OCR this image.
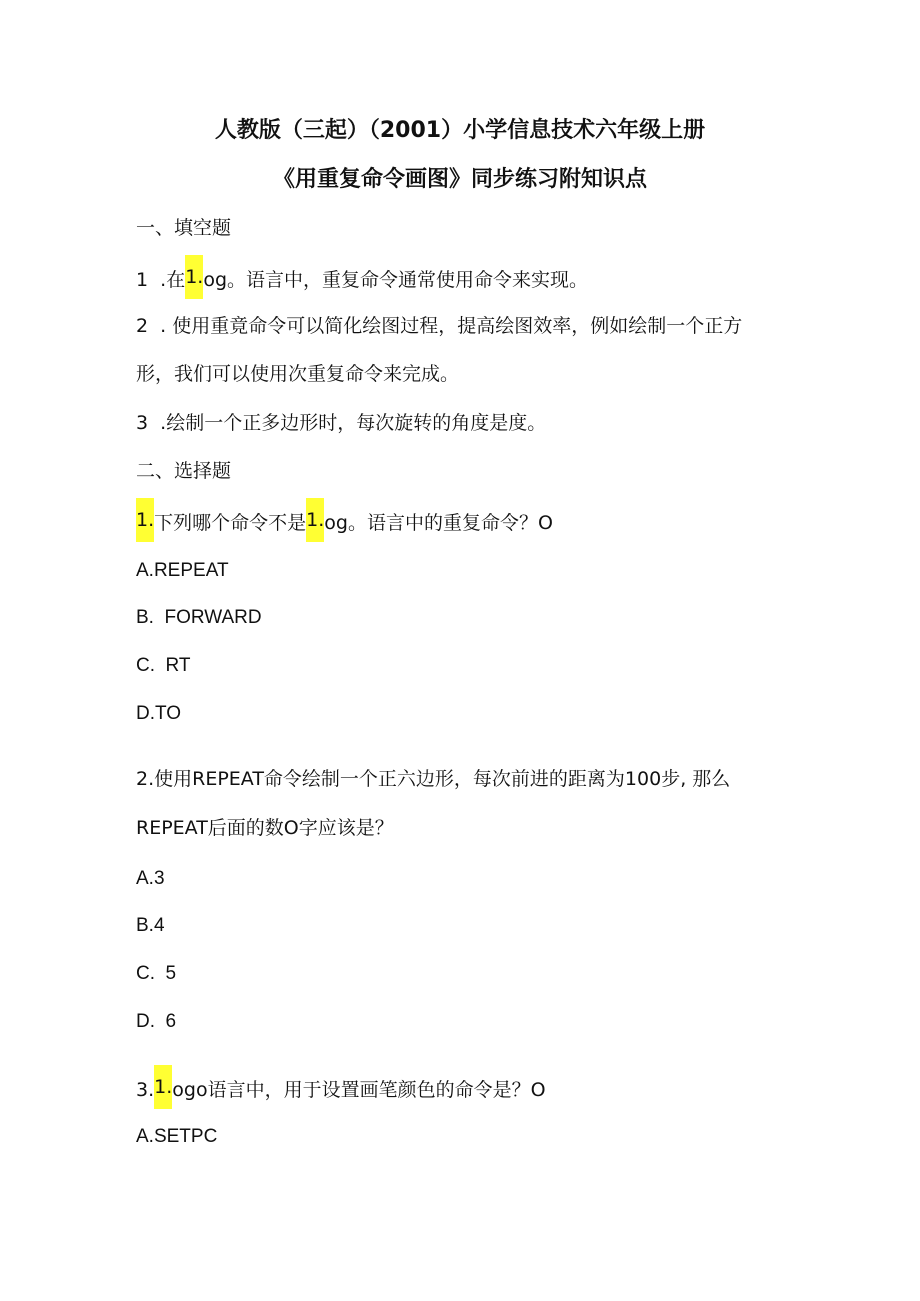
人教版（三起）（2001）小学信息技术六年级上册
《用重复命令画图》同步练习附知识点
一、填空题
1  .在1.og。语言中，重复命令通常使用命令来实现。
2  . 使用重竟命令可以简化绘图过程，提高绘图效率，例如绘制一个正方
形，我们可以使用次重复命令来完成。
3  .绘制一个正多边形时，每次旋转的角度是度。
二、选择题
1.下列哪个命令不是1.og。语言中的重复命令？O
A.REPEAT
B.  FORWARD
C.  RT
D.TO
2.使用REPEAT命令绘制一个正六边形，每次前进的距离为100步, 那么
REPEAT后面的数O字应该是？
A.3
B.4
C.  5
D.  6
3.1.ogo语言中，用于设置画笔颜色的命令是？O
A.SETPC
